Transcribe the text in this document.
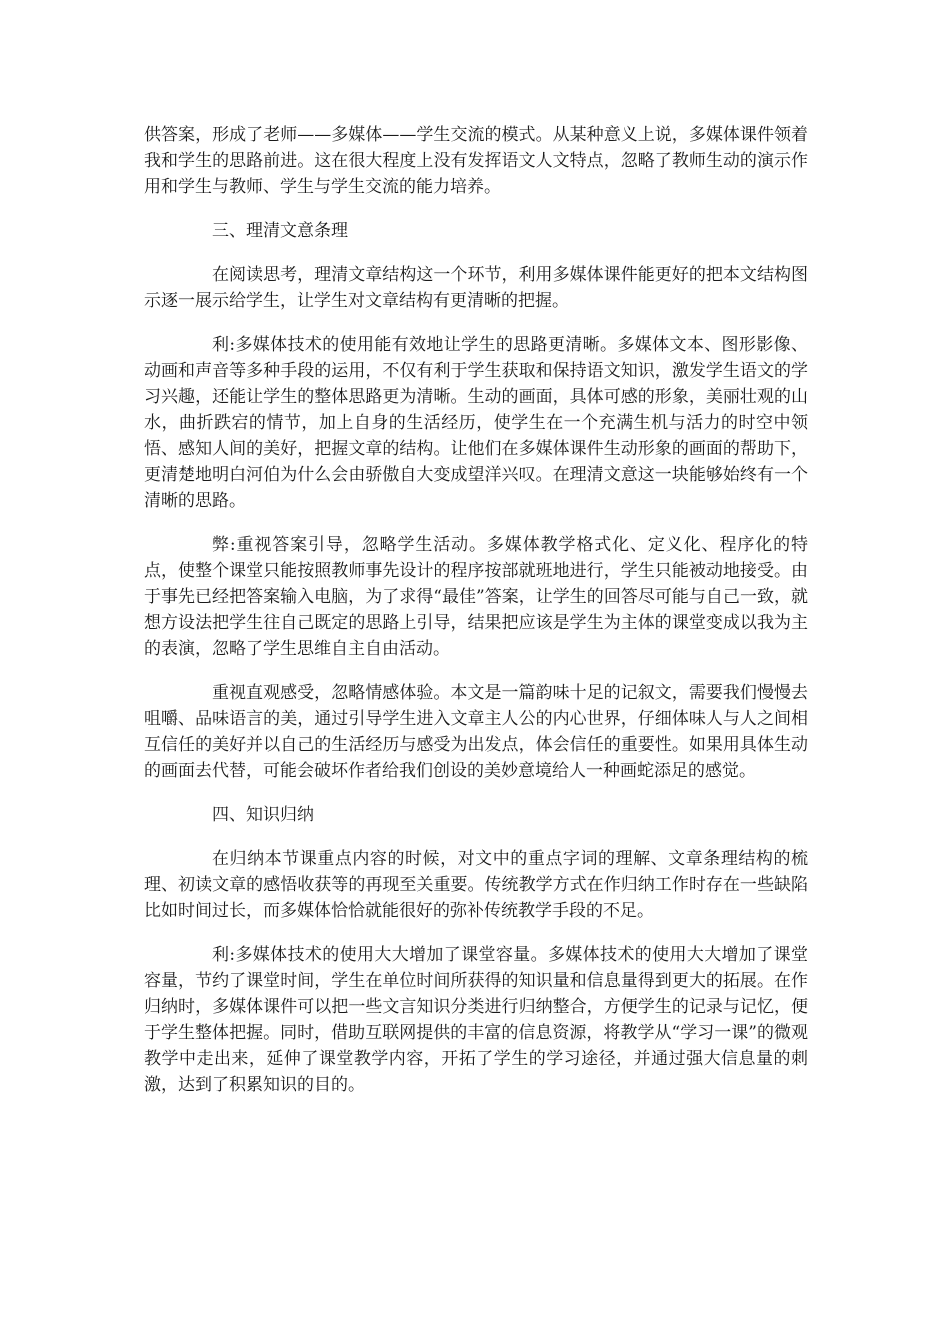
供答案，形成了老师——多媒体——学生交流的模式。从某种意义上说，多媒体课件领着我和学生的思路前进。这在很大程度上没有发挥语文人文特点，忽略了教师生动的演示作用和学生与教师、学生与学生交流的能力培养。

三、理清文意条理

在阅读思考，理清文章结构这一个环节，利用多媒体课件能更好的把本文结构图示逐一展示给学生，让学生对文章结构有更清晰的把握。

利:多媒体技术的使用能有效地让学生的思路更清晰。多媒体文本、图形影像、动画和声音等多种手段的运用，不仅有利于学生获取和保持语文知识，激发学生语文的学习兴趣，还能让学生的整体思路更为清晰。生动的画面，具体可感的形象，美丽壮观的山水，曲折跌宕的情节，加上自身的生活经历，使学生在一个充满生机与活力的时空中领悟、感知人间的美好，把握文章的结构。让他们在多媒体课件生动形象的画面的帮助下，更清楚地明白河伯为什么会由骄傲自大变成望洋兴叹。在理清文意这一块能够始终有一个清晰的思路。

弊:重视答案引导，忽略学生活动。多媒体教学格式化、定义化、程序化的特点，使整个课堂只能按照教师事先设计的程序按部就班地进行，学生只能被动地接受。由于事先已经把答案输入电脑，为了求得“最佳”答案，让学生的回答尽可能与自己一致，就想方设法把学生往自己既定的思路上引导，结果把应该是学生为主体的课堂变成以我为主的表演，忽略了学生思维自主自由活动。

重视直观感受，忽略情感体验。本文是一篇韵味十足的记叙文，需要我们慢慢去咀嚼、品味语言的美，通过引导学生进入文章主人公的内心世界，仔细体味人与人之间相互信任的美好并以自己的生活经历与感受为出发点，体会信任的重要性。如果用具体生动的画面去代替，可能会破坏作者给我们创设的美妙意境给人一种画蛇添足的感觉。

四、知识归纳

在归纳本节课重点内容的时候，对文中的重点字词的理解、文章条理结构的梳理、初读文章的感悟收获等的再现至关重要。传统教学方式在作归纳工作时存在一些缺陷比如时间过长，而多媒体恰恰就能很好的弥补传统教学手段的不足。

利:多媒体技术的使用大大增加了课堂容量。多媒体技术的使用大大增加了课堂容量，节约了课堂时间，学生在单位时间所获得的知识量和信息量得到更大的拓展。在作归纳时，多媒体课件可以把一些文言知识分类进行归纳整合，方便学生的记录与记忆，便于学生整体把握。同时，借助互联网提供的丰富的信息资源，将教学从“学习一课”的微观教学中走出来，延伸了课堂教学内容，开拓了学生的学习途径，并通过强大信息量的刺激，达到了积累知识的目的。
